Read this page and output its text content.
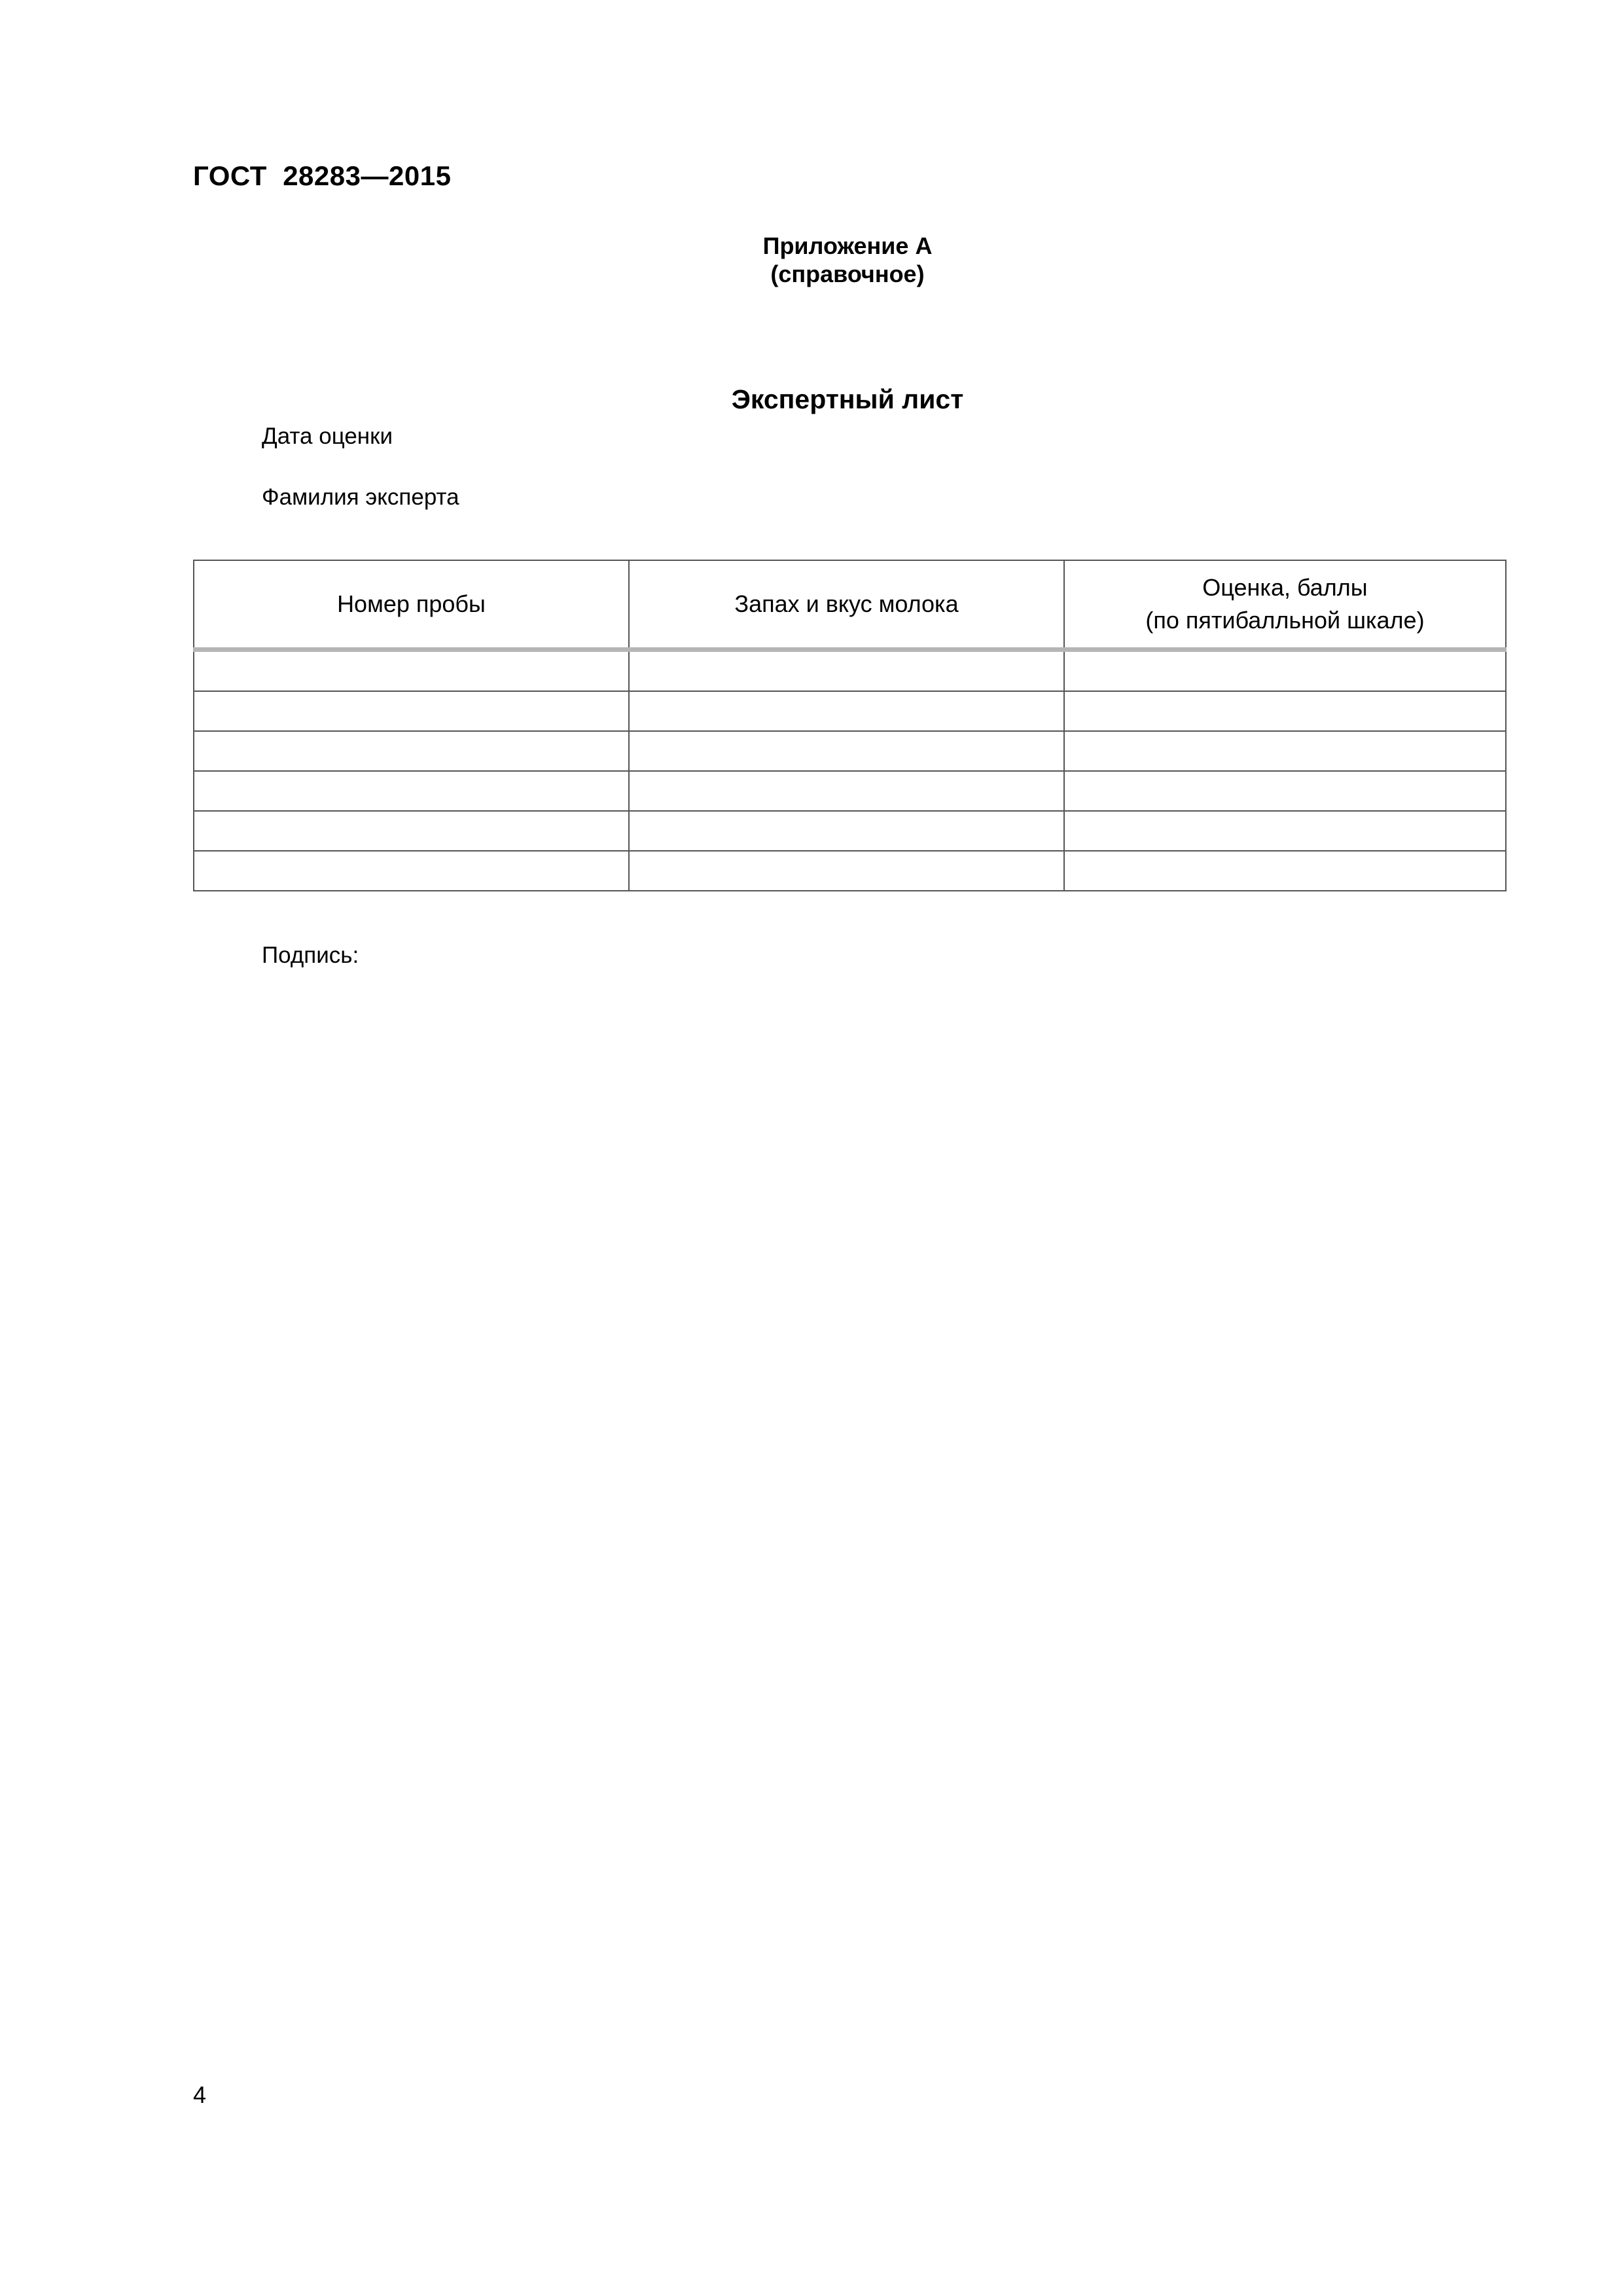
ГОСТ  28283—2015
Приложение А
(справочное)
Экспертный лист
Дата оценки
Фамилия эксперта
Номер пробы	Запах и вкус молока	Оценка, баллы
(по пятибалльной шкале)

Подпись:
4
